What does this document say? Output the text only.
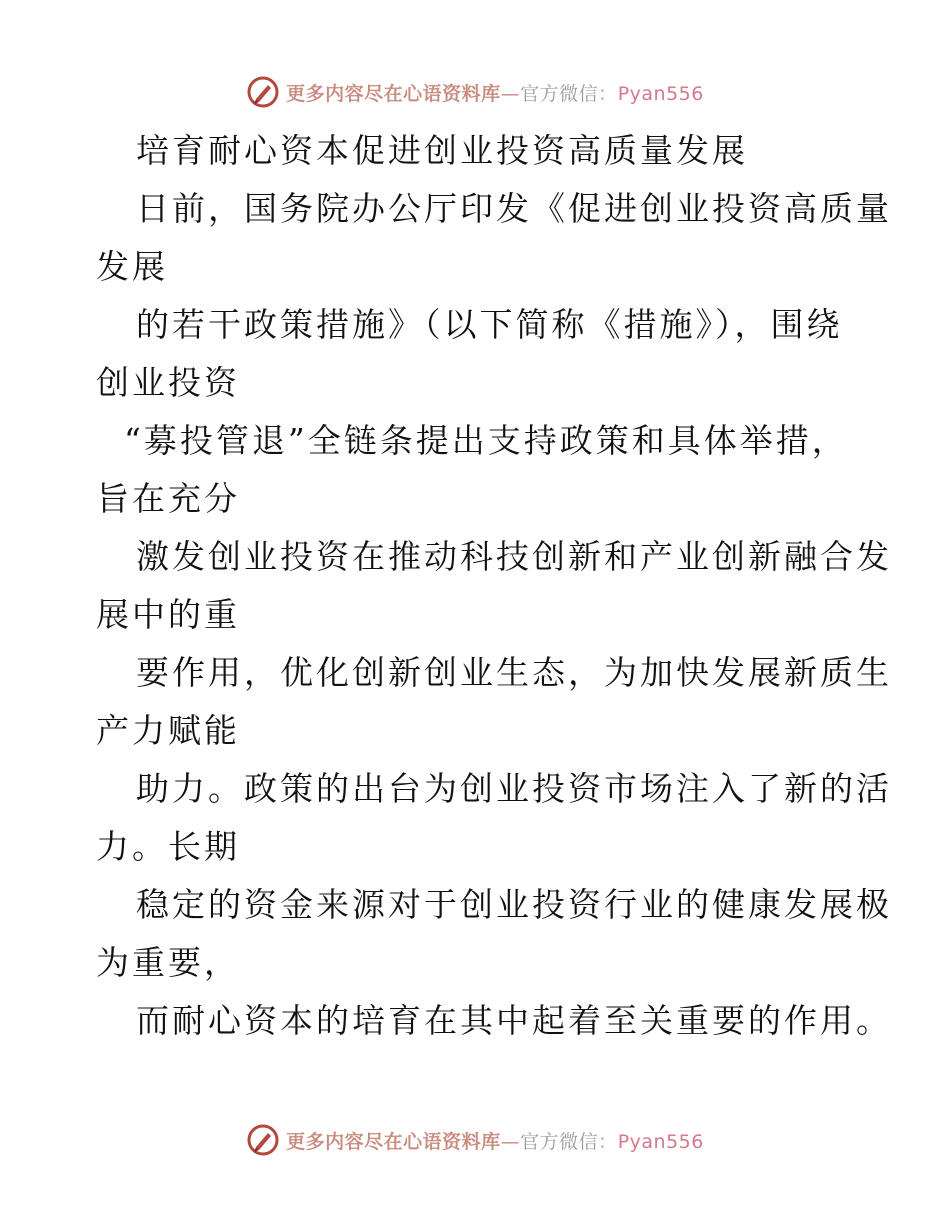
更多内容尽在心语资料库—官方微信：Pyan556
培育耐心资本促进创业投资高质量发展
日前，国务院办公厅印发《促进创业投资高质量
发展
的若干政策措施》（以下简称《措施》），围绕
创业投资
“募投管退”全链条提出支持政策和具体举措，
旨在充分
激发创业投资在推动科技创新和产业创新融合发
展中的重
要作用，优化创新创业生态，为加快发展新质生
产力赋能
助力。政策的出台为创业投资市场注入了新的活
力。长期
稳定的资金来源对于创业投资行业的健康发展极
为重要，
而耐心资本的培育在其中起着至关重要的作用。
更多内容尽在心语资料库—官方微信：Pyan556
